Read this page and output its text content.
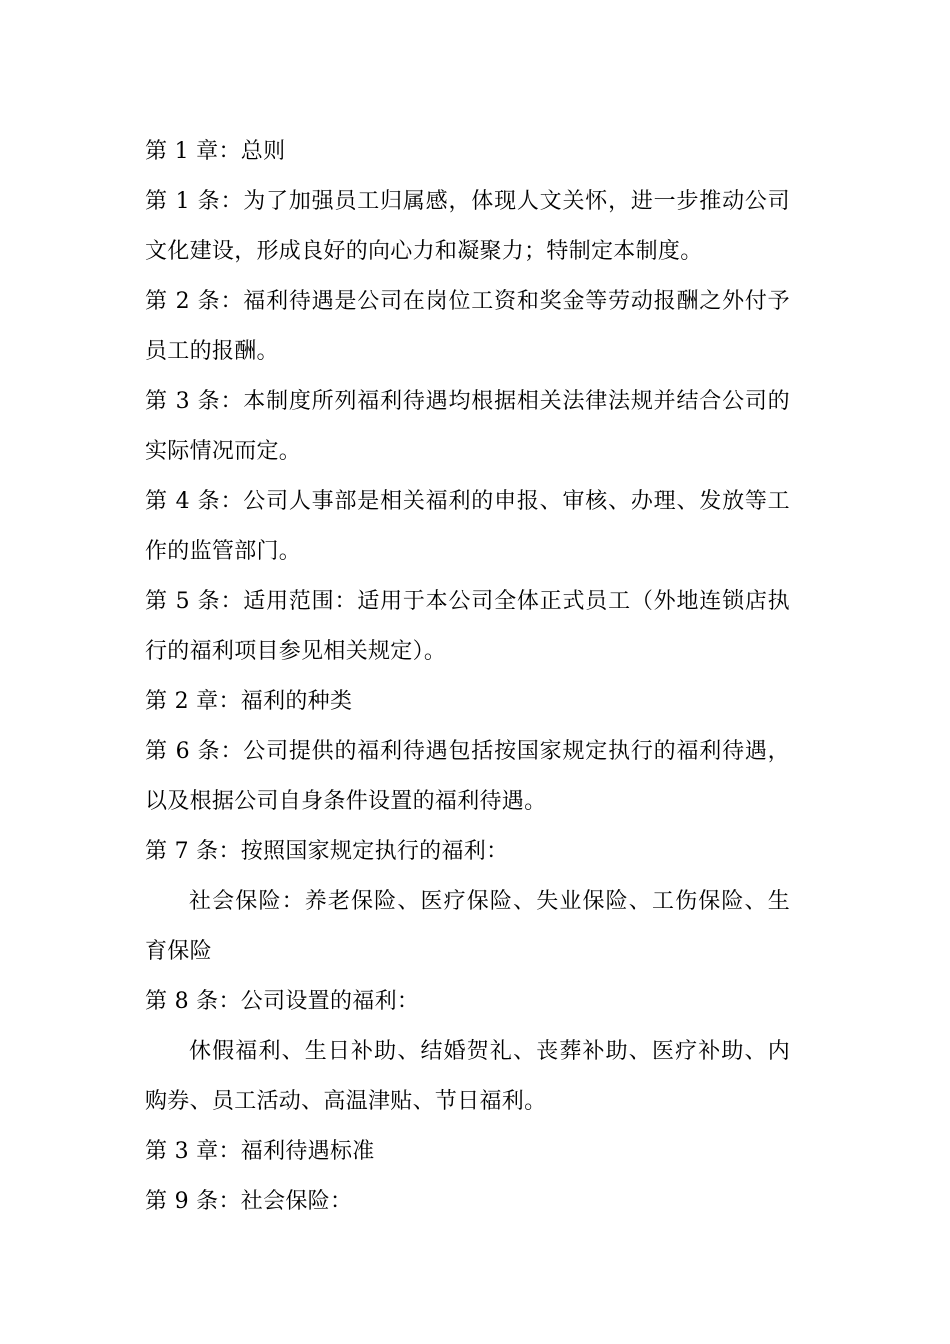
第 1 章：总则

第 1 条：为了加强员工归属感，体现人文关怀，进一步推动公司文化建设，形成良好的向心力和凝聚力；特制定本制度。

第 2 条：福利待遇是公司在岗位工资和奖金等劳动报酬之外付予员工的报酬。

第 3 条：本制度所列福利待遇均根据相关法律法规并结合公司的实际情况而定。

第 4 条：公司人事部是相关福利的申报、审核、办理、发放等工作的监管部门。

第 5 条：适用范围：适用于本公司全体正式员工（外地连锁店执行的福利项目参见相关规定）。

第 2 章：福利的种类

第 6 条：公司提供的福利待遇包括按国家规定执行的福利待遇，以及根据公司自身条件设置的福利待遇。

第 7 条：按照国家规定执行的福利：

社会保险：养老保险、医疗保险、失业保险、工伤保险、生育保险

第 8 条：公司设置的福利：

休假福利、生日补助、结婚贺礼、丧葬补助、医疗补助、内购券、员工活动、高温津贴、节日福利。

第 3 章：福利待遇标准

第 9 条：社会保险：
